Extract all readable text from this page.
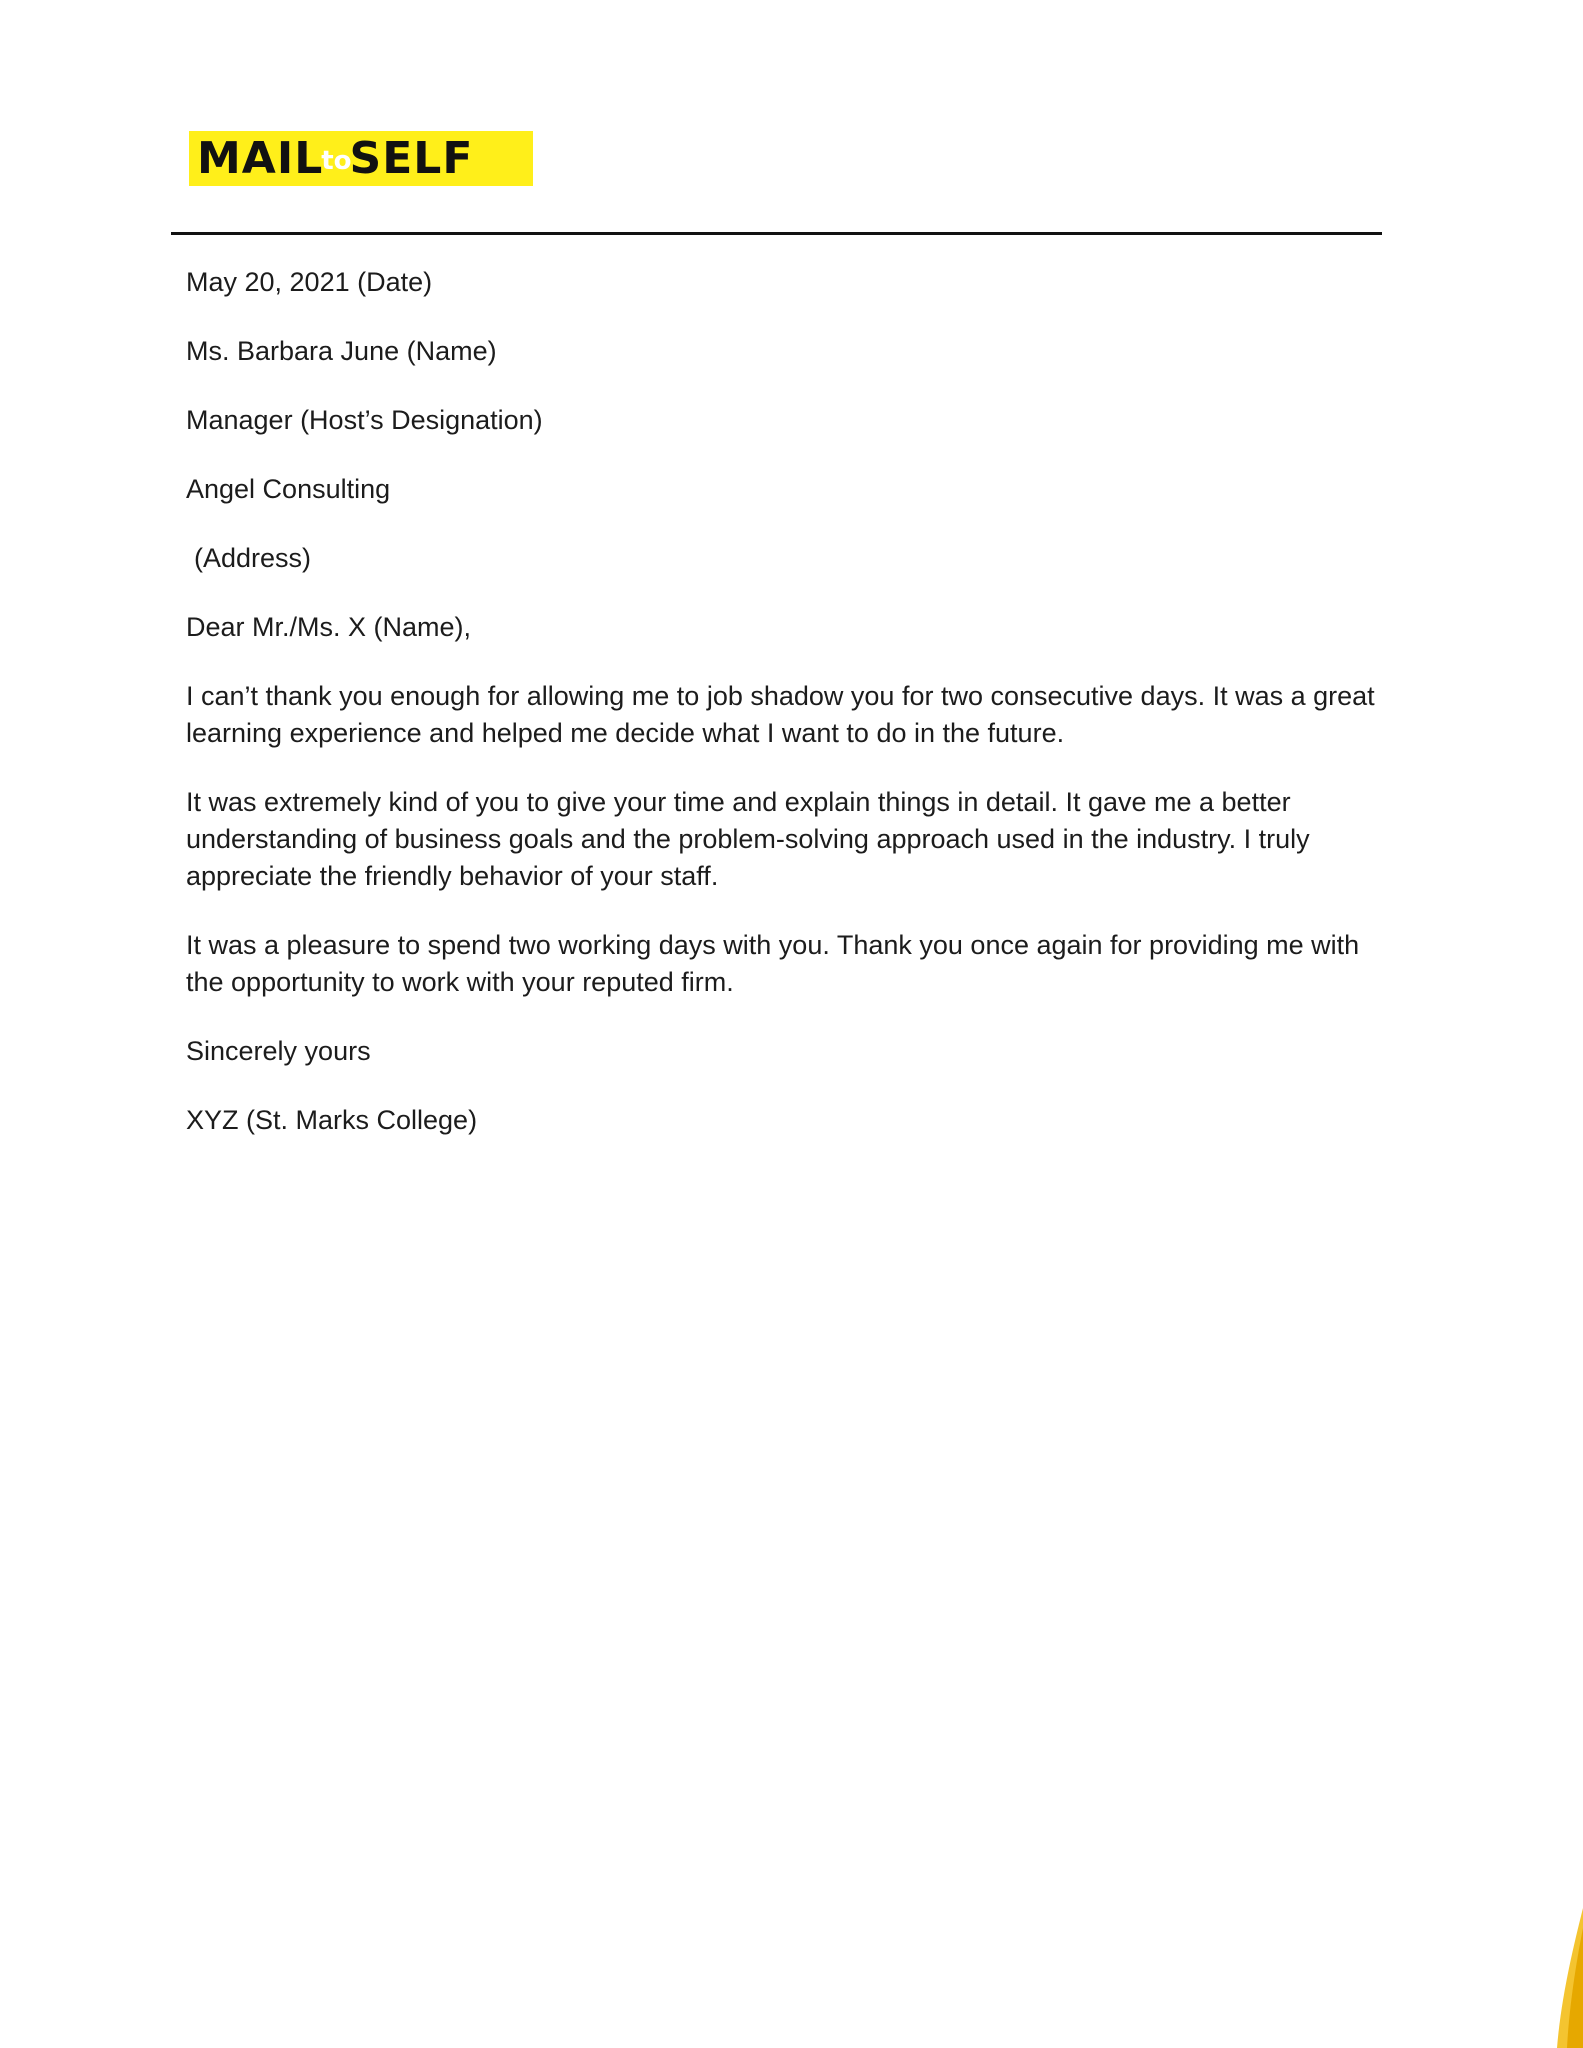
MAILtoSELF
May 20, 2021 (Date)
Ms. Barbara June (Name)
Manager (Host’s Designation)
Angel Consulting
(Address)
Dear Mr./Ms. X (Name),
I can’t thank you enough for allowing me to job shadow you for two consecutive days. It was a great learning experience and helped me decide what I want to do in the future.
It was extremely kind of you to give your time and explain things in detail. It gave me a better understanding of business goals and the problem-solving approach used in the industry. I truly appreciate the friendly behavior of your staff.
It was a pleasure to spend two working days with you. Thank you once again for providing me with the opportunity to work with your reputed firm.
Sincerely yours
XYZ (St. Marks College)
